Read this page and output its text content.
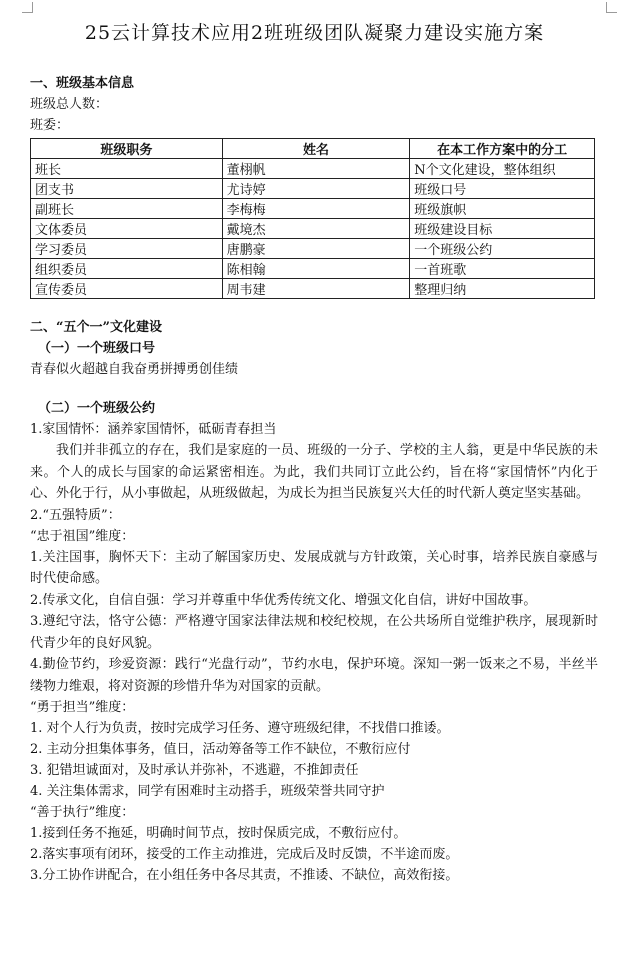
25云计算技术应用2班班级团队凝聚力建设实施方案
一、班级基本信息
班级总人数：
班委：
班级职务	姓名	在本工作方案中的分工
班长	董栩帆	N个文化建设，整体组织
团支书	尤诗婷	班级口号
副班长	李梅梅	班级旗帜
文体委员	戴境杰	班级建设目标
学习委员	唐鹏豪	一个班级公约
组织委员	陈相翰	一首班歌
宣传委员	周韦建	整理归纳
二、“五个一”文化建设
（一）一个班级口号
青春似火超越自我奋勇拼搏勇创佳绩
（二）一个班级公约
1.家国情怀：涵养家国情怀，砥砺青春担当
我们并非孤立的存在，我们是家庭的一员、班级的一分子、学校的主人翁，更是中华民族的未来。个人的成长与国家的命运紧密相连。为此，我们共同订立此公约，旨在将“家国情怀”内化于心、外化于行，从小事做起，从班级做起，为成长为担当民族复兴大任的时代新人奠定坚实基础。
2.“五强特质”：
“忠于祖国”维度：
1.关注国事，胸怀天下：主动了解国家历史、发展成就与方针政策，关心时事，培养民族自豪感与时代使命感。
2.传承文化，自信自强：学习并尊重中华优秀传统文化、增强文化自信，讲好中国故事。
3.遵纪守法，恪守公德：严格遵守国家法律法规和校纪校规，在公共场所自觉维护秩序，展现新时代青少年的良好风貌。
4.勤俭节约，珍爱资源：践行“光盘行动”，节约水电，保护环境。深知一粥一饭来之不易，半丝半缕物力维艰，将对资源的珍惜升华为对国家的贡献。
“勇于担当”维度：
1. 对个人行为负责，按时完成学习任务、遵守班级纪律，不找借口推诿。
2. 主动分担集体事务，值日，活动筹备等工作不缺位，不敷衍应付
3. 犯错坦诚面对，及时承认并弥补，不逃避，不推卸责任
4. 关注集体需求，同学有困难时主动搭手，班级荣誉共同守护
“善于执行”维度：
1.接到任务不拖延，明确时间节点，按时保质完成，不敷衍应付。
2.落实事项有闭环，接受的工作主动推进，完成后及时反馈，不半途而废。
3.分工协作讲配合，在小组任务中各尽其责，不推诿、不缺位，高效衔接。
